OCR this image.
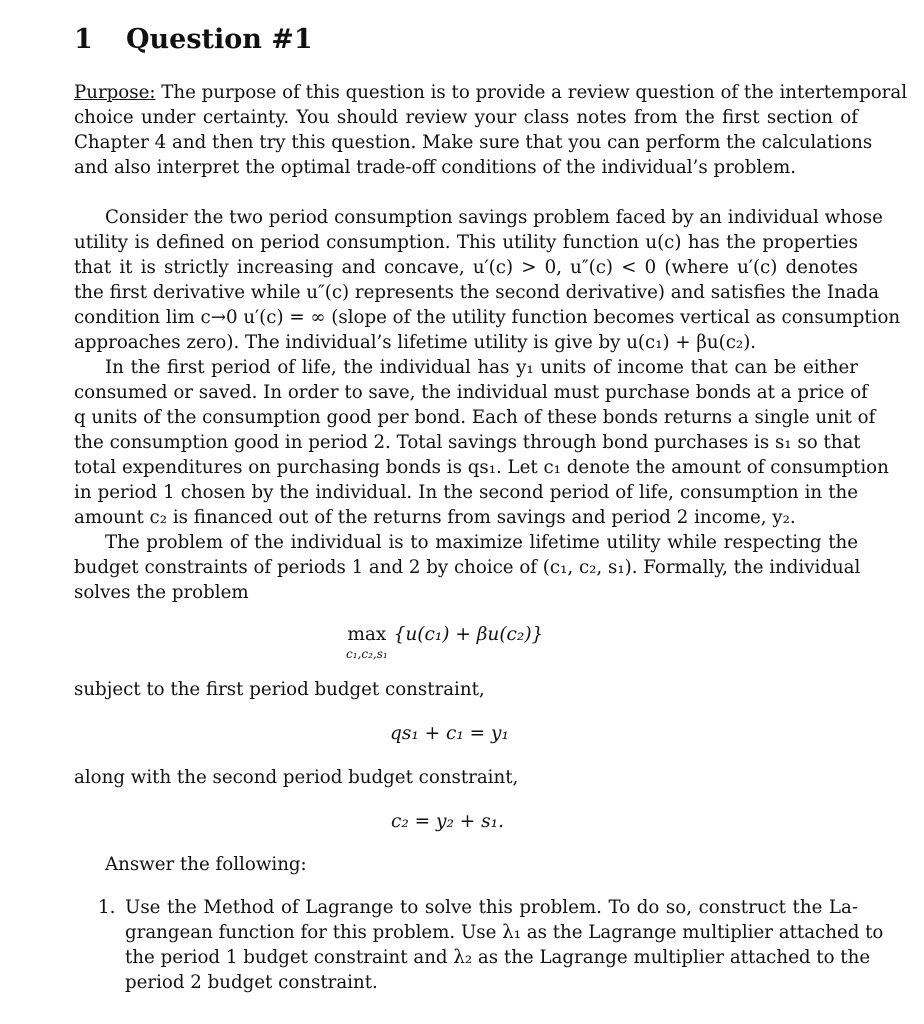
1 Question #1
Purpose: The purpose of this question is to provide a review question of the intertemporal
choice under certainty. You should review your class notes from the first section of
Chapter 4 and then try this question. Make sure that you can perform the calculations
and also interpret the optimal trade-off conditions of the individual’s problem.
Consider the two period consumption savings problem faced by an individual whose
utility is defined on period consumption. This utility function u(c) has the properties
that it is strictly increasing and concave, u′(c) > 0, u″(c) < 0 (where u′(c) denotes
the first derivative while u″(c) represents the second derivative) and satisfies the Inada
condition lim c→0 u′(c) = ∞ (slope of the utility function becomes vertical as consumption
approaches zero). The individual’s lifetime utility is give by u(c₁) + βu(c₂).
In the first period of life, the individual has y₁ units of income that can be either
consumed or saved. In order to save, the individual must purchase bonds at a price of
q units of the consumption good per bond. Each of these bonds returns a single unit of
the consumption good in period 2. Total savings through bond purchases is s₁ so that
total expenditures on purchasing bonds is qs₁. Let c₁ denote the amount of consumption
in period 1 chosen by the individual. In the second period of life, consumption in the
amount c₂ is financed out of the returns from savings and period 2 income, y₂.
The problem of the individual is to maximize lifetime utility while respecting the
budget constraints of periods 1 and 2 by choice of (c₁, c₂, s₁). Formally, the individual
solves the problem
max
c₁,c₂,s₁
{u(c₁) + βu(c₂)}
subject to the first period budget constraint,
qs₁ + c₁ = y₁
along with the second period budget constraint,
c₂ = y₂ + s₁.
Answer the following:
1. Use the Method of Lagrange to solve this problem. To do so, construct the La-
grangean function for this problem. Use λ₁ as the Lagrange multiplier attached to
the period 1 budget constraint and λ₂ as the Lagrange multiplier attached to the
period 2 budget constraint.
